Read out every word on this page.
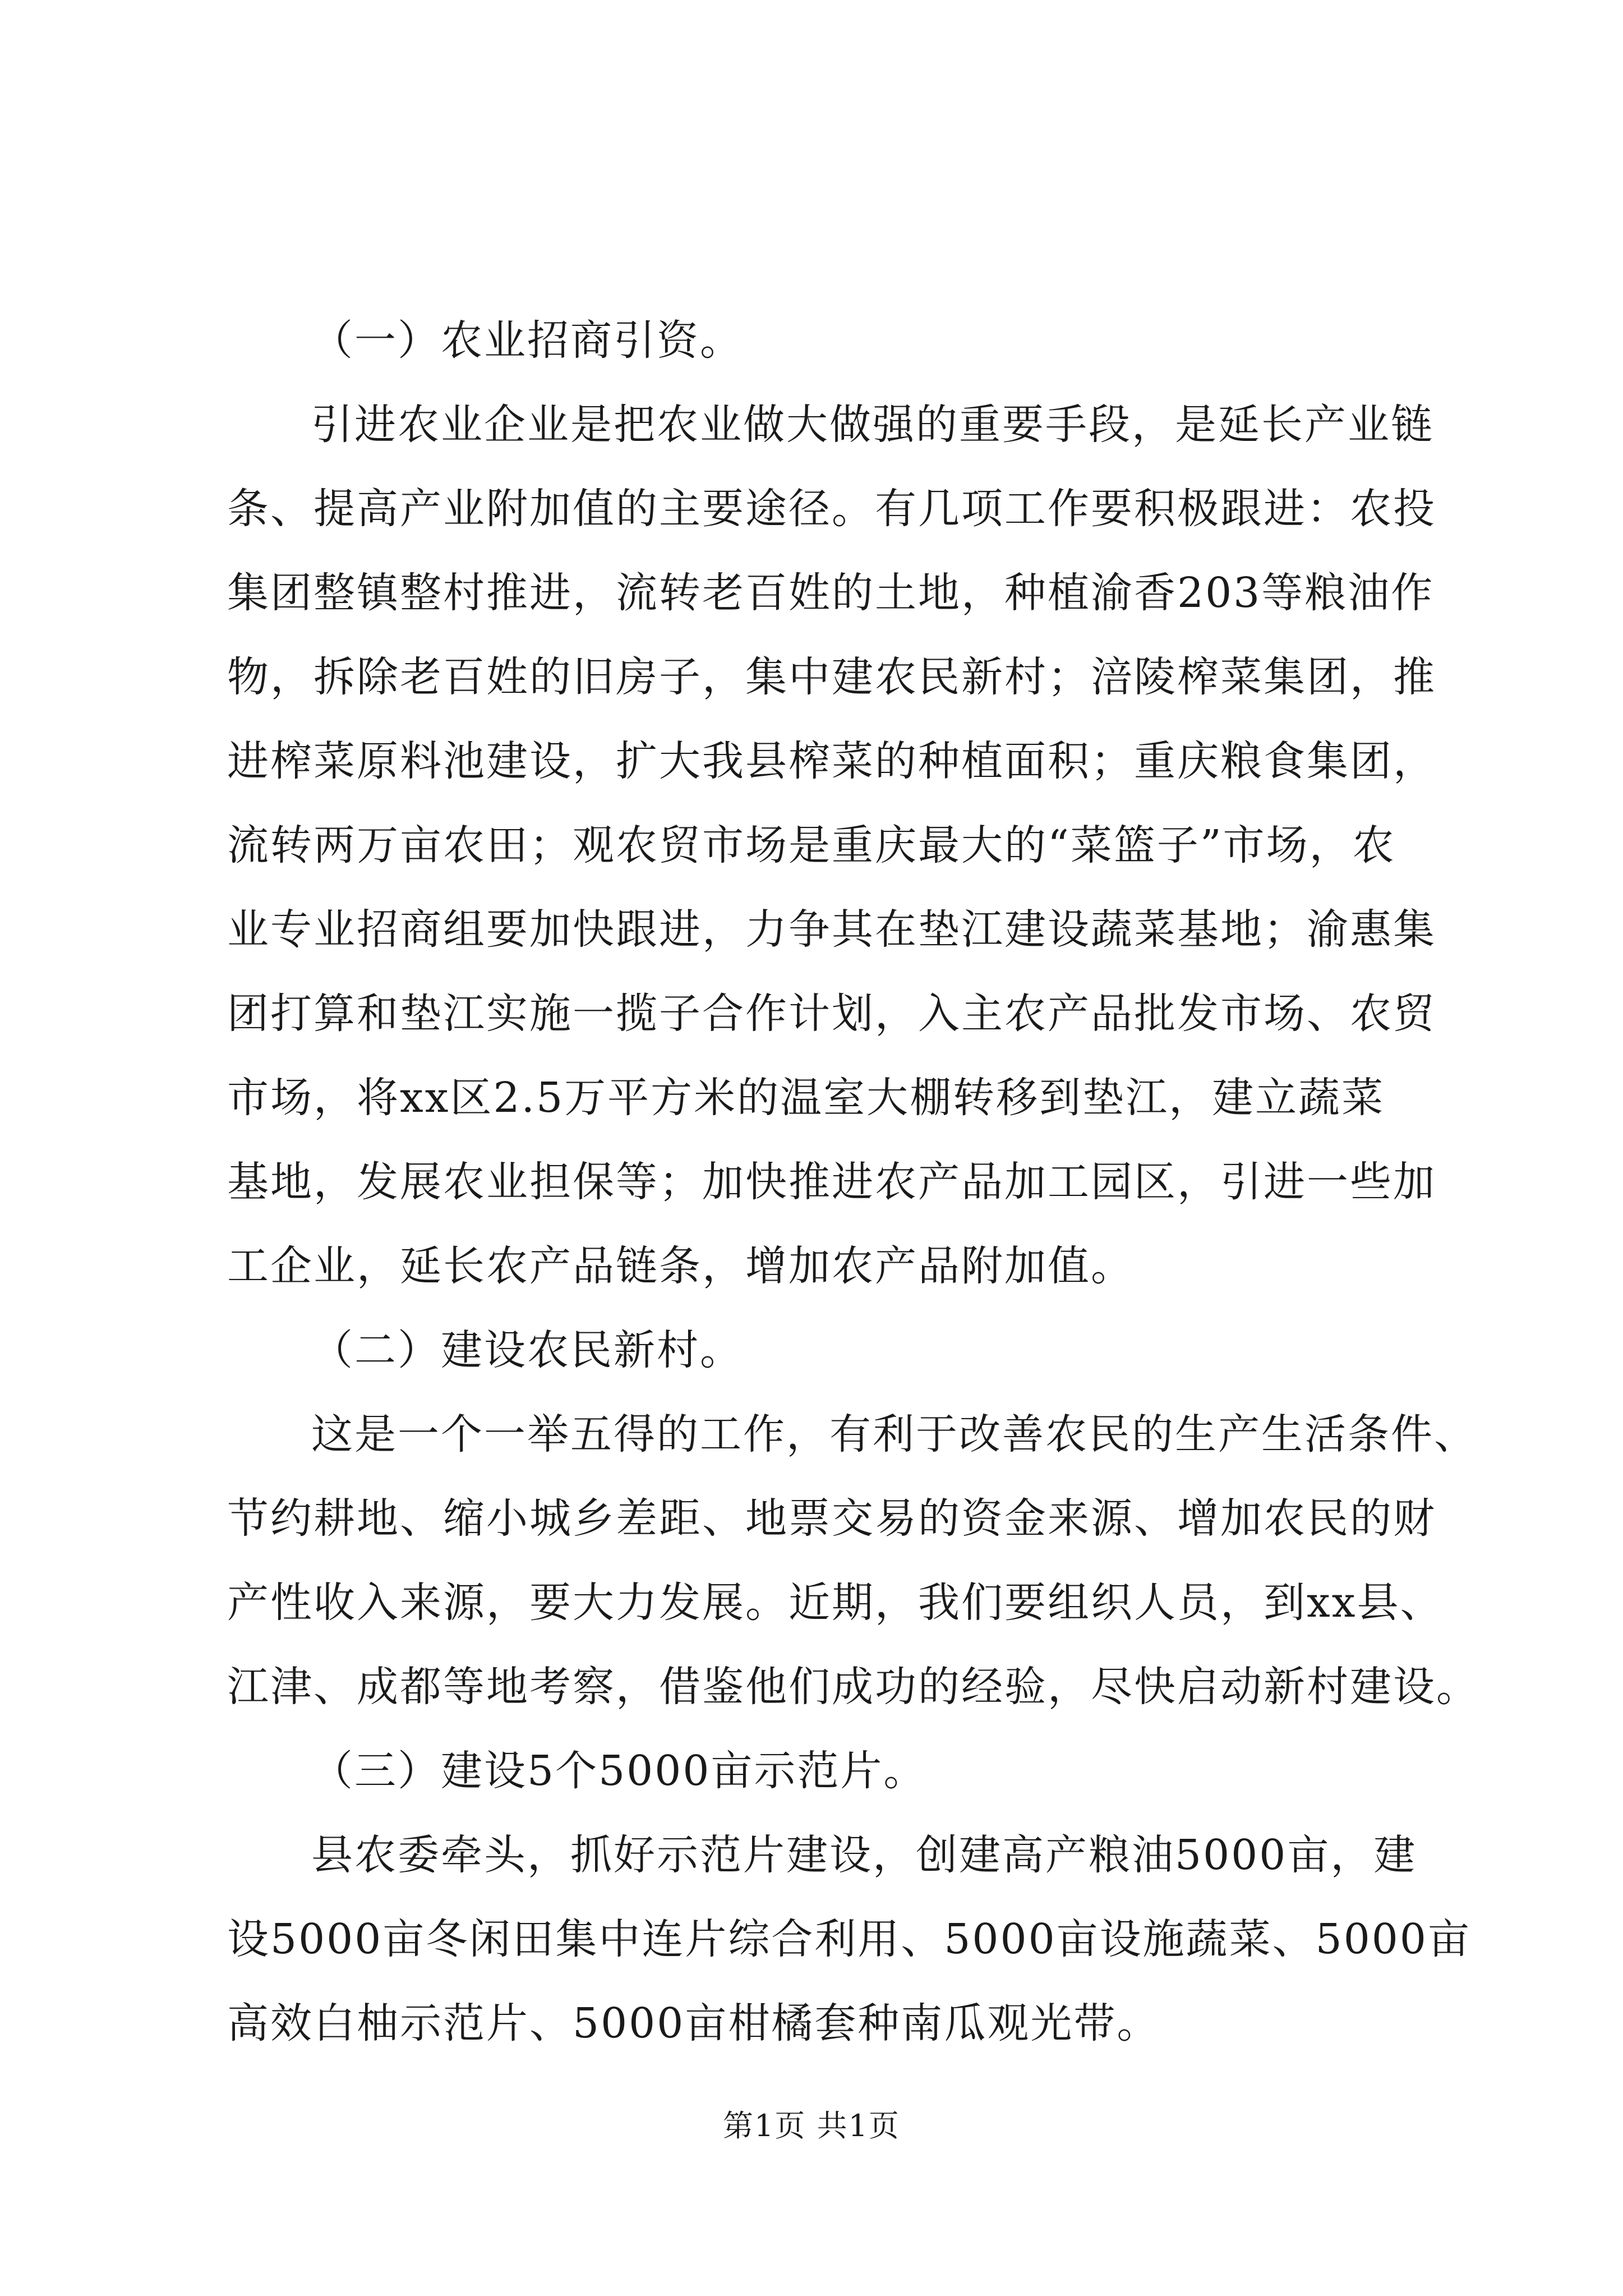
（一）农业招商引资。
引进农业企业是把农业做大做强的重要手段，是延长产业链
条、提高产业附加值的主要途径。有几项工作要积极跟进：农投
集团整镇整村推进，流转老百姓的土地，种植渝香203等粮油作
物，拆除老百姓的旧房子，集中建农民新村；涪陵榨菜集团，推
进榨菜原料池建设，扩大我县榨菜的种植面积；重庆粮食集团，
流转两万亩农田；观农贸市场是重庆最大的“菜篮子”市场，农
业专业招商组要加快跟进，力争其在垫江建设蔬菜基地；渝惠集
团打算和垫江实施一揽子合作计划，入主农产品批发市场、农贸
市场，将xx区2.5万平方米的温室大棚转移到垫江，建立蔬菜
基地，发展农业担保等；加快推进农产品加工园区，引进一些加
工企业，延长农产品链条，增加农产品附加值。
（二）建设农民新村。
这是一个一举五得的工作，有利于改善农民的生产生活条件、
节约耕地、缩小城乡差距、地票交易的资金来源、增加农民的财
产性收入来源，要大力发展。近期，我们要组织人员，到xx县、
江津、成都等地考察，借鉴他们成功的经验，尽快启动新村建设。
（三）建设5个5000亩示范片。
县农委牵头，抓好示范片建设，创建高产粮油5000亩，建
设5000亩冬闲田集中连片综合利用、5000亩设施蔬菜、5000亩
高效白柚示范片、5000亩柑橘套种南瓜观光带。
第1页 共1页
